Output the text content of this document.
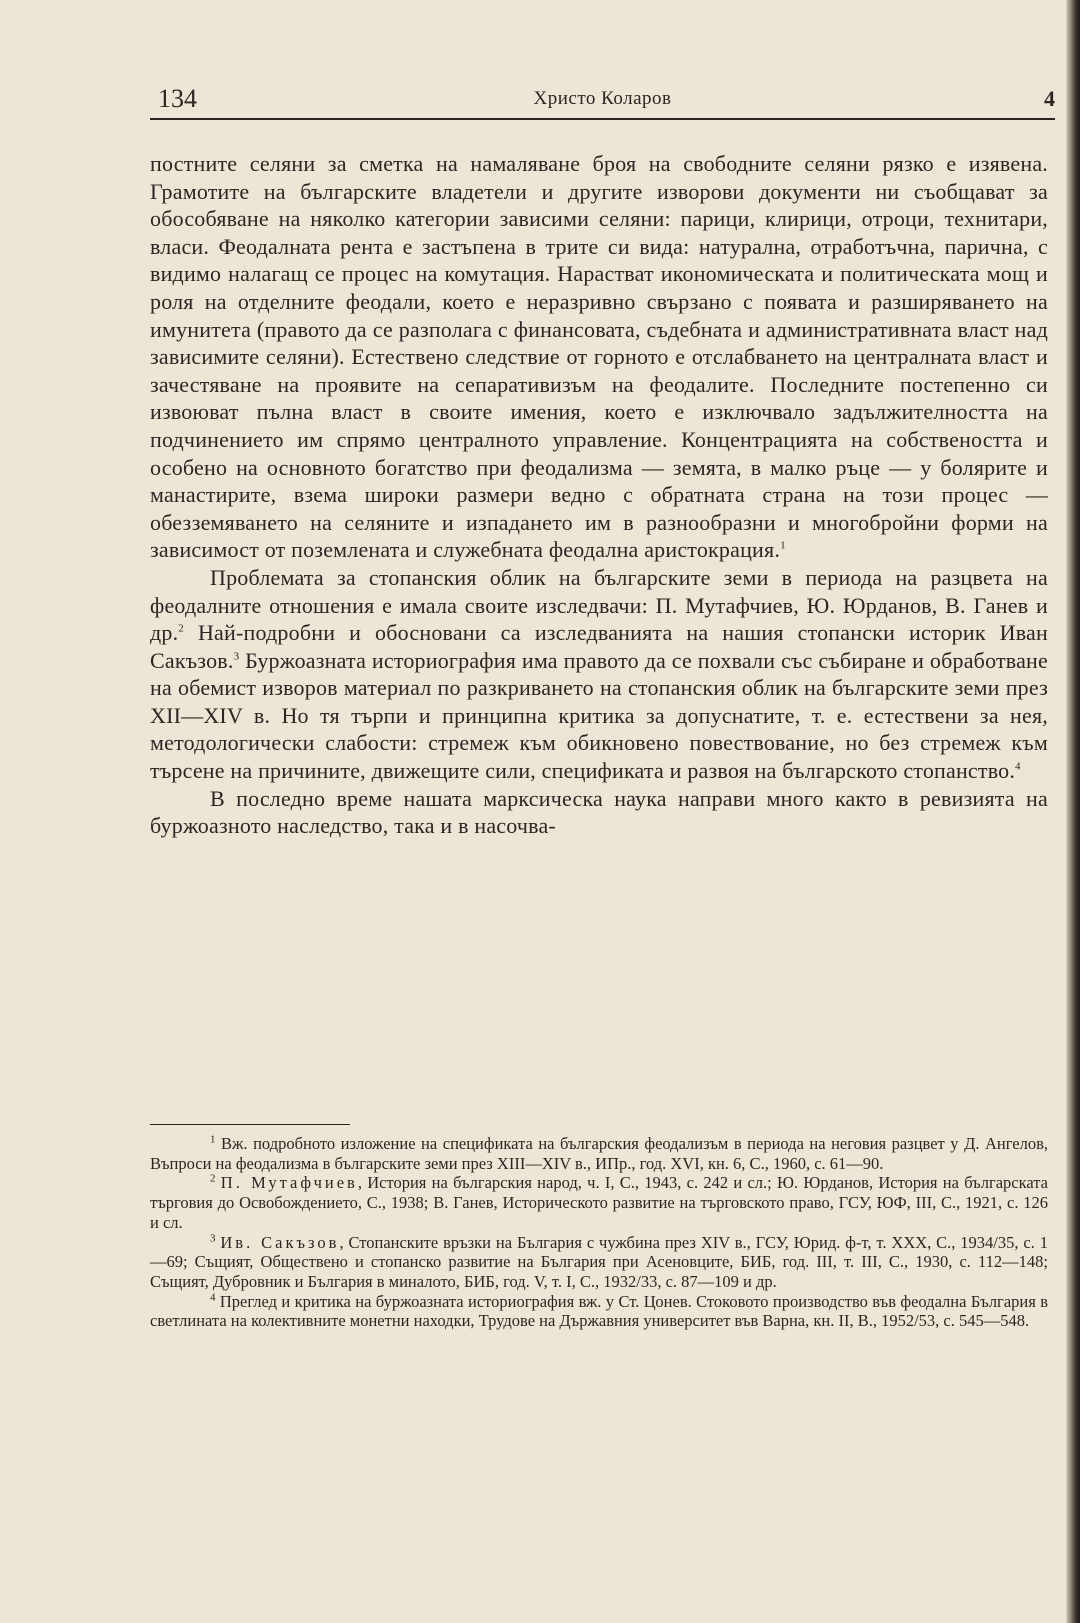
134	Христо Коларов	4

постните селяни за сметка на намаляване броя на свободните селяни рязко е изявена. Грамотите на българските владетели и другите изворови документи ни съобщават за обособяване на няколко категории зависими селяни: парици, клирици, отроци, технитари, власи. Феодалната рента е застъпена в трите си вида: натурална, отработъчна, парична, с видимо налагащ се процес на комутация. Нарастват икономическата и политическата мощ и роля на отделните феодали, което е неразривно свързано с появата и разширяването на имунитета (правото да се разполага с финансовата, съдебната и административната власт над зависимите селяни). Естествено следствие от горното е отслабването на централната власт и зачестяване на проявите на сепаративизъм на феодалите. Последните постепенно си извоюват пълна власт в своите имения, което е изключвало задължителността на подчинението им спрямо централното управление. Концентрацията на собствеността и особено на основното богатство при феодализма — земята, в малко ръце — у болярите и манастирите, взема широки размери ведно с обратната страна на този процес — обезземяването на селяните и изпадането им в разнообразни и многобройни форми на зависимост от поземлената и служебната феодална аристокрация.$^1$

Проблемата за стопанския облик на българските земи в периода на разцвета на феодалните отношения е имала своите изследвачи: П. Мутафчиев, Ю. Юрданов, В. Ганев и др.$^2$ Най-подробни и обосновани са изследванията на нашия стопански историк Иван Сакъзов.$^3$ Буржоазната историография има правото да се похвали със събиране и обработване на обемист изворов материал по разкриването на стопанския облик на българските земи през XII—XIV в. Но тя търпи и принципна критика за допуснатите, т. е. естествени за нея, методологически слабости: стремеж към обикновено повествование, но без стремеж към търсене на причините, движещите сили, спецификата и развоя на българското стопанство.$^4$

В последно време нашата марксическа наука направи много както в ревизията на буржоазното наследство, така и в насочва-

$^1$ Вж. подробното изложение на спецификата на българския феодализъм в периода на неговия разцвет у Д. Ангелов, Въпроси на феодализма в българските земи през XIII—XIV в., ИПр., год. XVI, кн. 6, С., 1960, с. 61—90.

$^2$ П. Мутафчиев, История на българския народ, ч. I, С., 1943, с. 242 и сл.; Ю. Юрданов, История на българската търговия до Освобождението, С., 1938; В. Ганев, Историческото развитие на търговското право, ГСУ, ЮФ, III, С., 1921, с. 126 и сл.

$^3$ Ив. Сакъзов, Стопанските връзки на България с чужбина през XIV в., ГСУ, Юрид. ф-т, т. XXX, С., 1934/35, с. 1—69; Същият, Обществено и стопанско развитие на България при Асеновците, БИБ, год. III, т. III, С., 1930, с. 112—148; Същият, Дубровник и България в миналото, БИБ, год. V, т. I, С., 1932/33, с. 87—109 и др.

$^4$ Преглед и критика на буржоазната историография вж. у Ст. Цонев. Стоковото производство във феодална България в светлината на колективните монетни находки, Трудове на Държавния университет във Варна, кн. II, В., 1952/53, с. 545—548.
